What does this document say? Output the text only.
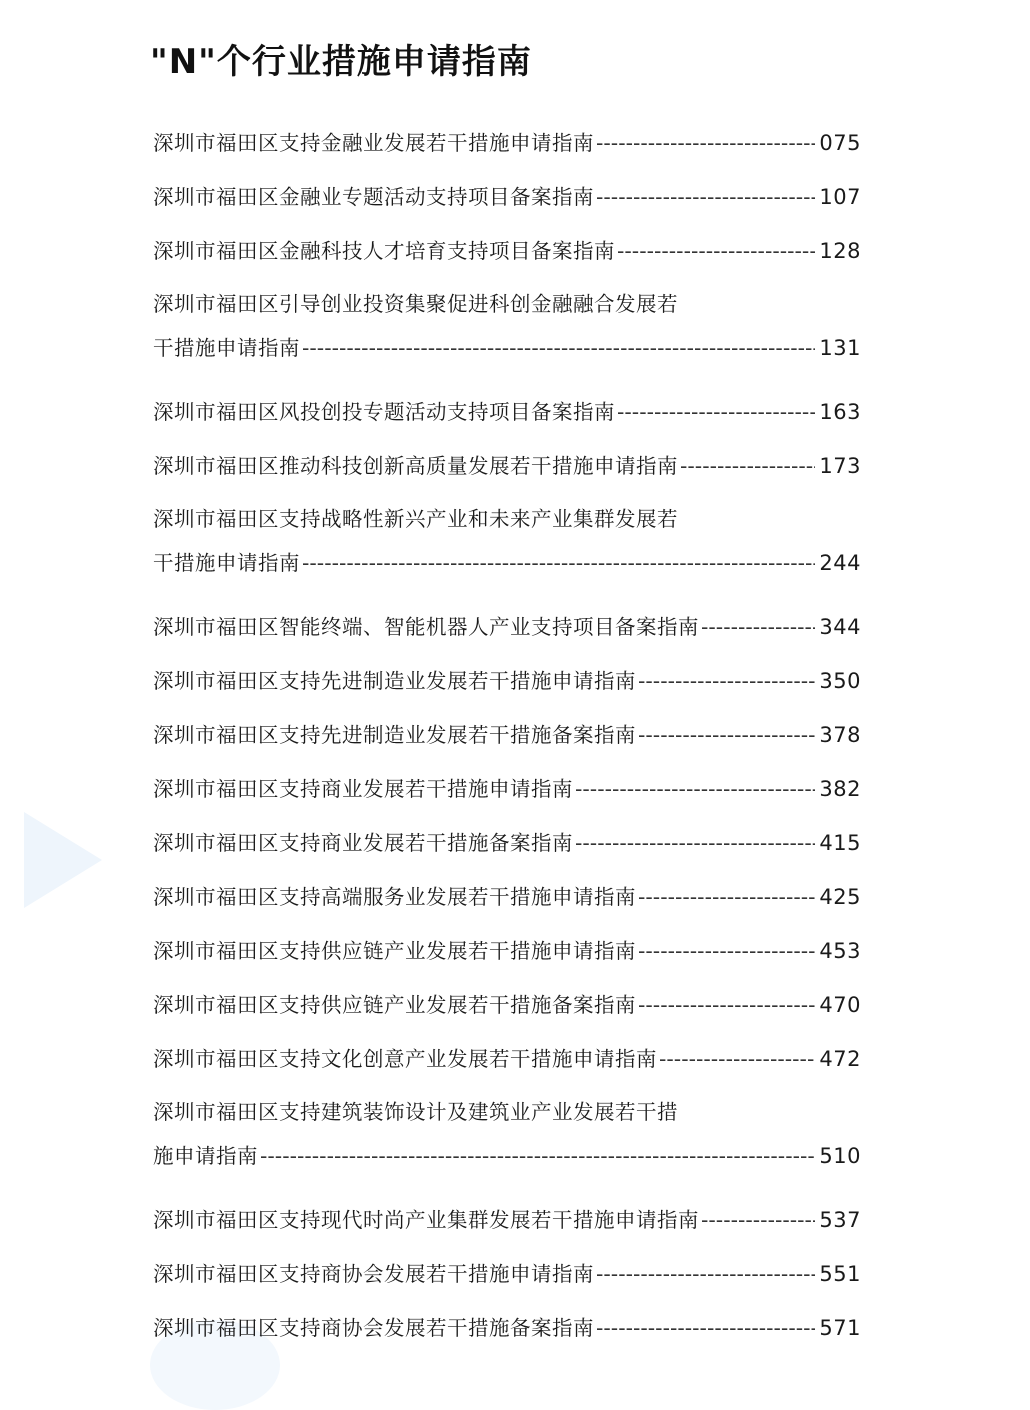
"N"个行业措施申请指南
深圳市福田区支持金融业发展若干措施申请指南 -----	075
深圳市福田区金融业专题活动支持项目备案指南 -----	107
深圳市福田区金融科技人才培育支持项目备案指南 -----	128
深圳市福田区引导创业投资集聚促进科创金融融合发展若
干措施申请指南 -----	131
深圳市福田区风投创投专题活动支持项目备案指南 -----	163
深圳市福田区推动科技创新高质量发展若干措施申请指南 -----	173
深圳市福田区支持战略性新兴产业和未来产业集群发展若
干措施申请指南 -----	244
深圳市福田区智能终端、智能机器人产业支持项目备案指南 -----	344
深圳市福田区支持先进制造业发展若干措施申请指南 -----	350
深圳市福田区支持先进制造业发展若干措施备案指南 -----	378
深圳市福田区支持商业发展若干措施申请指南 -----	382
深圳市福田区支持商业发展若干措施备案指南 -----	415
深圳市福田区支持高端服务业发展若干措施申请指南 -----	425
深圳市福田区支持供应链产业发展若干措施申请指南 -----	453
深圳市福田区支持供应链产业发展若干措施备案指南 -----	470
深圳市福田区支持文化创意产业发展若干措施申请指南 -----	472
深圳市福田区支持建筑装饰设计及建筑业产业发展若干措
施申请指南 -----	510
深圳市福田区支持现代时尚产业集群发展若干措施申请指南 -----	537
深圳市福田区支持商协会发展若干措施申请指南 -----	551
深圳市福田区支持商协会发展若干措施备案指南 -----	571
